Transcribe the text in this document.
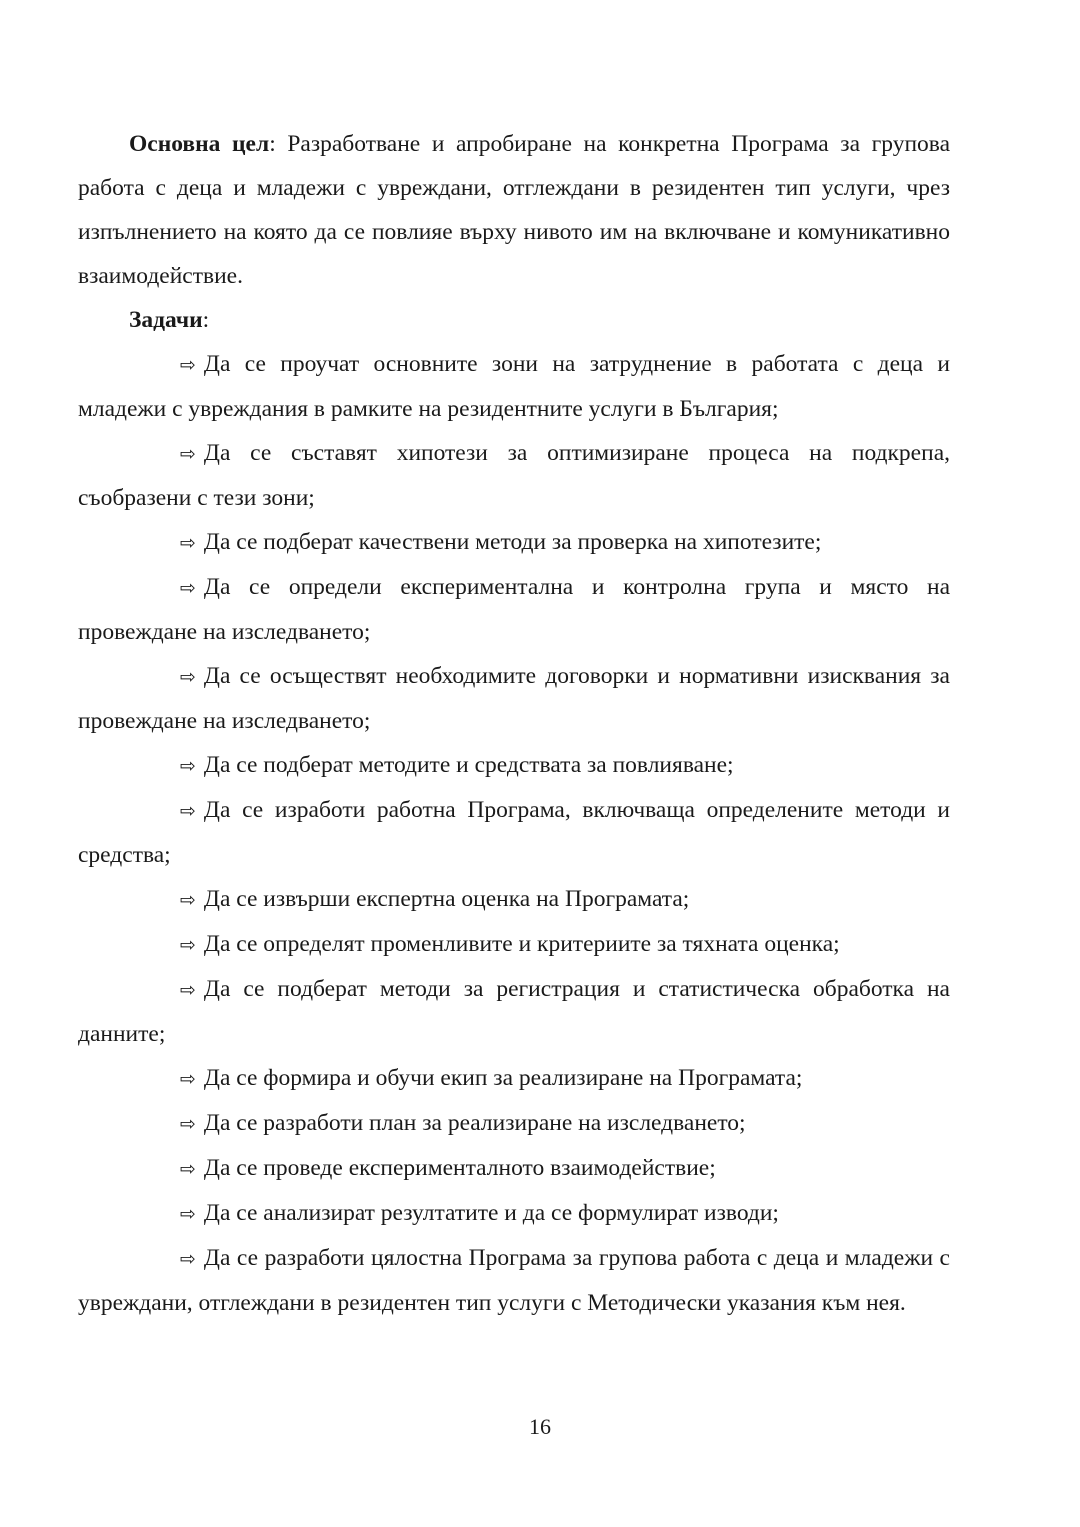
Основна цел: Разработване и апробиране на конкретна Програма за групова работа с деца и младежи с увреждани, отглеждани в резидентен тип услуги, чрез изпълнението на която да се повлияе върху нивото им на включване и комуникативно взаимодействие.

Задачи:

⇨ Да се проучат основните зони на затруднение в работата с деца и младежи с увреждания в рамките на резидентните услуги в България;

⇨ Да се съставят хипотези за оптимизиране процеса на подкрепа, съобразени с тези зони;

⇨ Да се подберат качествени методи за проверка на хипотезите;

⇨ Да се определи експериментална и контролна група и място на провеждане на изследването;

⇨ Да се осъществят необходимите договорки и нормативни изисквания за провеждане на изследването;

⇨ Да се подберат методите и средствата за повлияване;

⇨ Да се изработи работна Програма, включваща определените методи и средства;

⇨ Да се извърши експертна оценка на Програмата;

⇨ Да се определят променливите и критериите за тяхната оценка;

⇨ Да се подберат методи за регистрация и статистическа обработка на данните;

⇨ Да се формира и обучи екип за реализиране на Програмата;

⇨ Да се разработи план за реализиране на изследването;

⇨ Да се проведе експерименталното взаимодействие;

⇨ Да се анализират резултатите и да се формулират изводи;

⇨ Да се разработи цялостна Програма за групова работа с деца и младежи с увреждани, отглеждани в резидентен тип услуги с Методически указания към нея.

16
